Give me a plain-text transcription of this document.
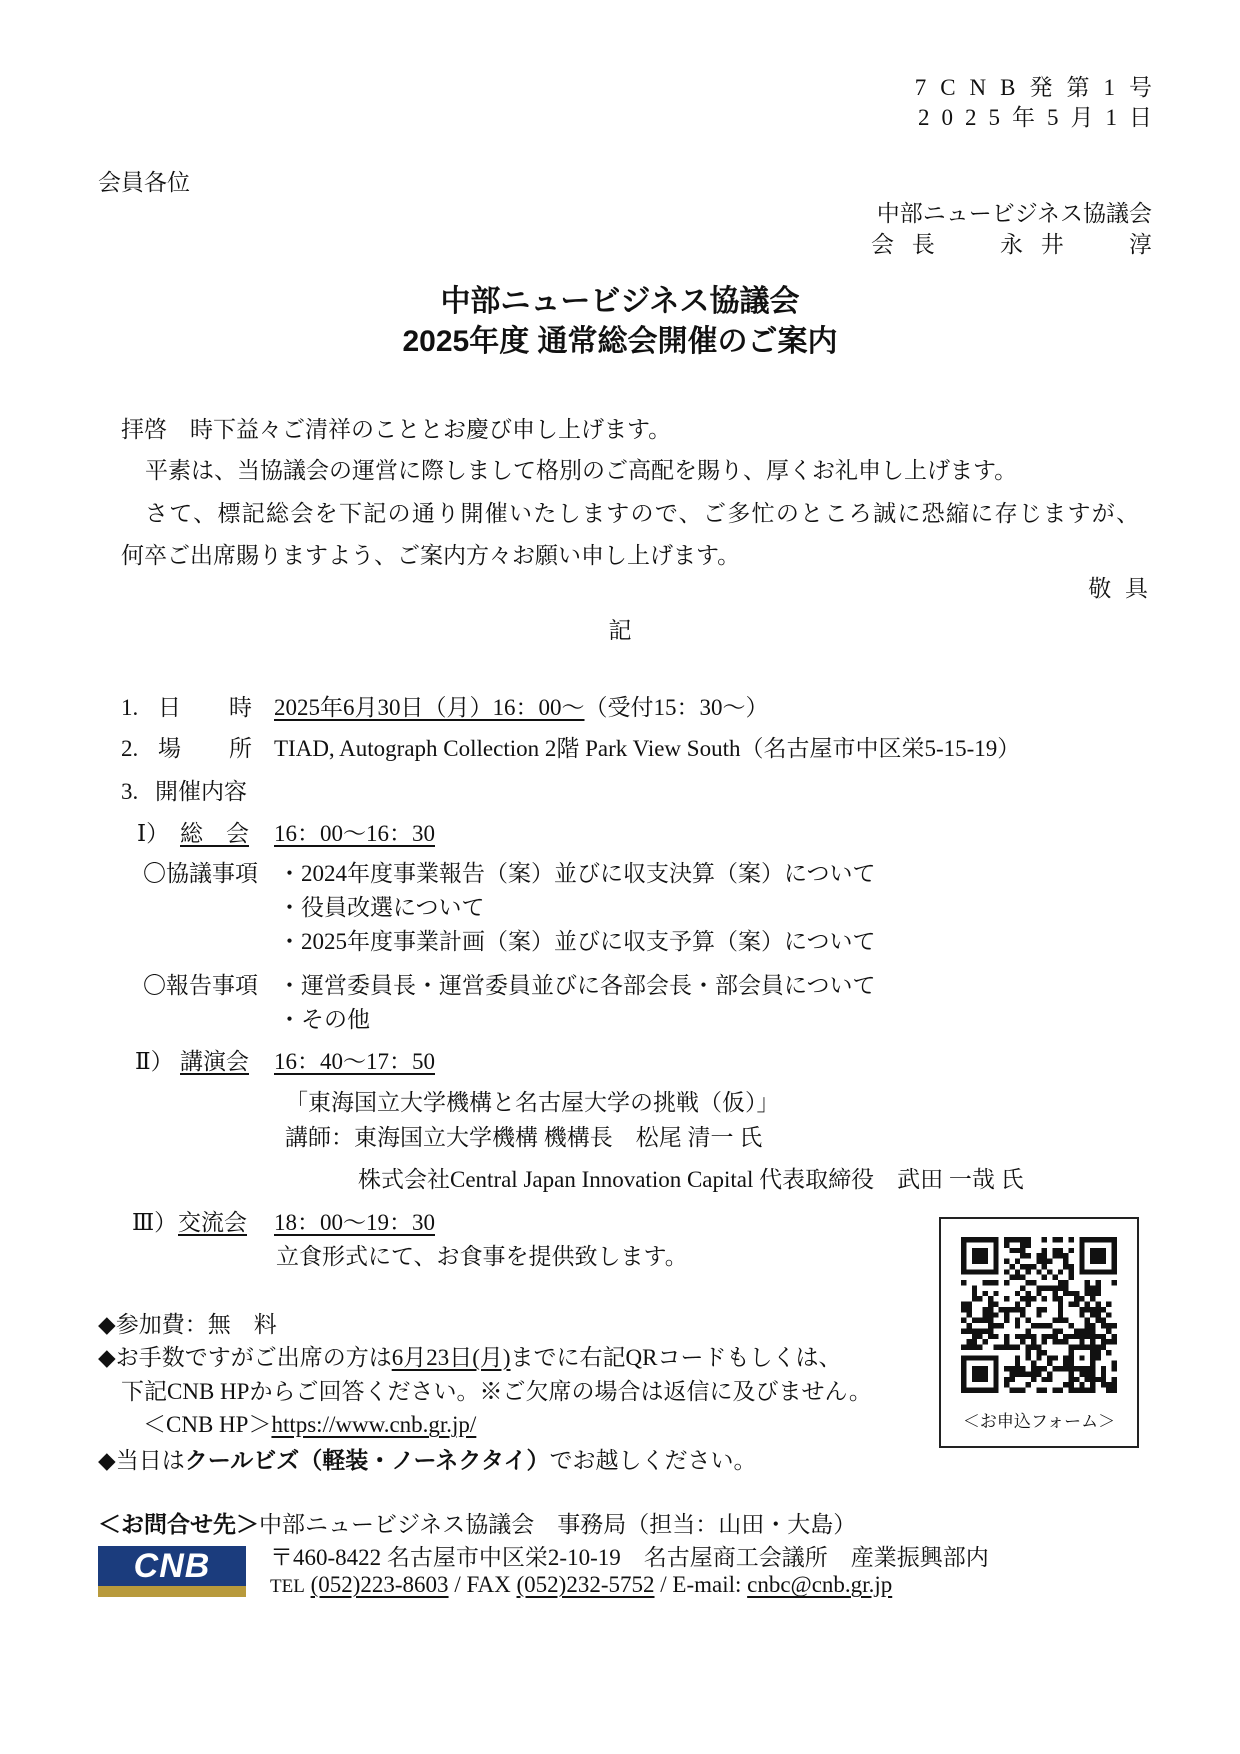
7CNB発第1号
2025年5月1日
会員各位
中部ニュービジネス協議会
会 長	永 井	淳
中部ニュービジネス協議会
2025年度 通常総会開催のご案内
拝啓　時下益々ご清祥のこととお慶び申し上げます。
平素は、当協議会の運営に際しまして格別のご高配を賜り、厚くお礼申し上げます。
さて、標記総会を下記の通り開催いたしますので、ご多忙のところ誠に恐縮に存じますが、
何卒ご出席賜りますよう、ご案内方々お願い申し上げます。
敬 具
記
1. 日 時 2025年6月30日（月）16：00～（受付15：30～）
2. 場 所 TIAD, Autograph Collection 2階 Park View South（名古屋市中区栄5-15-19）
3. 開催内容
Ⅰ） 総　会 16：00～16：30
〇協議事項 ・2024年度事業報告（案）並びに収支決算（案）について
・役員改選について
・2025年度事業計画（案）並びに収支予算（案）について
〇報告事項 ・運営委員長・運営委員並びに各部会長・部会員について
・その他
Ⅱ） 講演会 16：40～17：50
「東海国立大学機構と名古屋大学の挑戦（仮）」
講師：東海国立大学機構 機構長　松尾 清一 氏
株式会社Central Japan Innovation Capital 代表取締役　武田 一哉 氏
Ⅲ） 交流会 18：00～19：30
立食形式にて、お食事を提供致します。
＜お申込フォーム＞
◆参加費：無　料
◆お手数ですがご出席の方は6月23日(月)までに右記QRコードもしくは、
下記CNB HPからご回答ください。※ご欠席の場合は返信に及びません。
＜CNB HP＞https://www.cnb.gr.jp/
◆当日はクールビズ（軽装・ノーネクタイ）でお越しください。
＜お問合せ先＞中部ニュービジネス協議会　事務局（担当：山田・大島）
CNB	〒460-8422 名古屋市中区栄2-10-19　名古屋商工会議所　産業振興部内
TEL (052)223-8603 / FAX (052)232-5752 / E-mail: cnbc@cnb.gr.jp
